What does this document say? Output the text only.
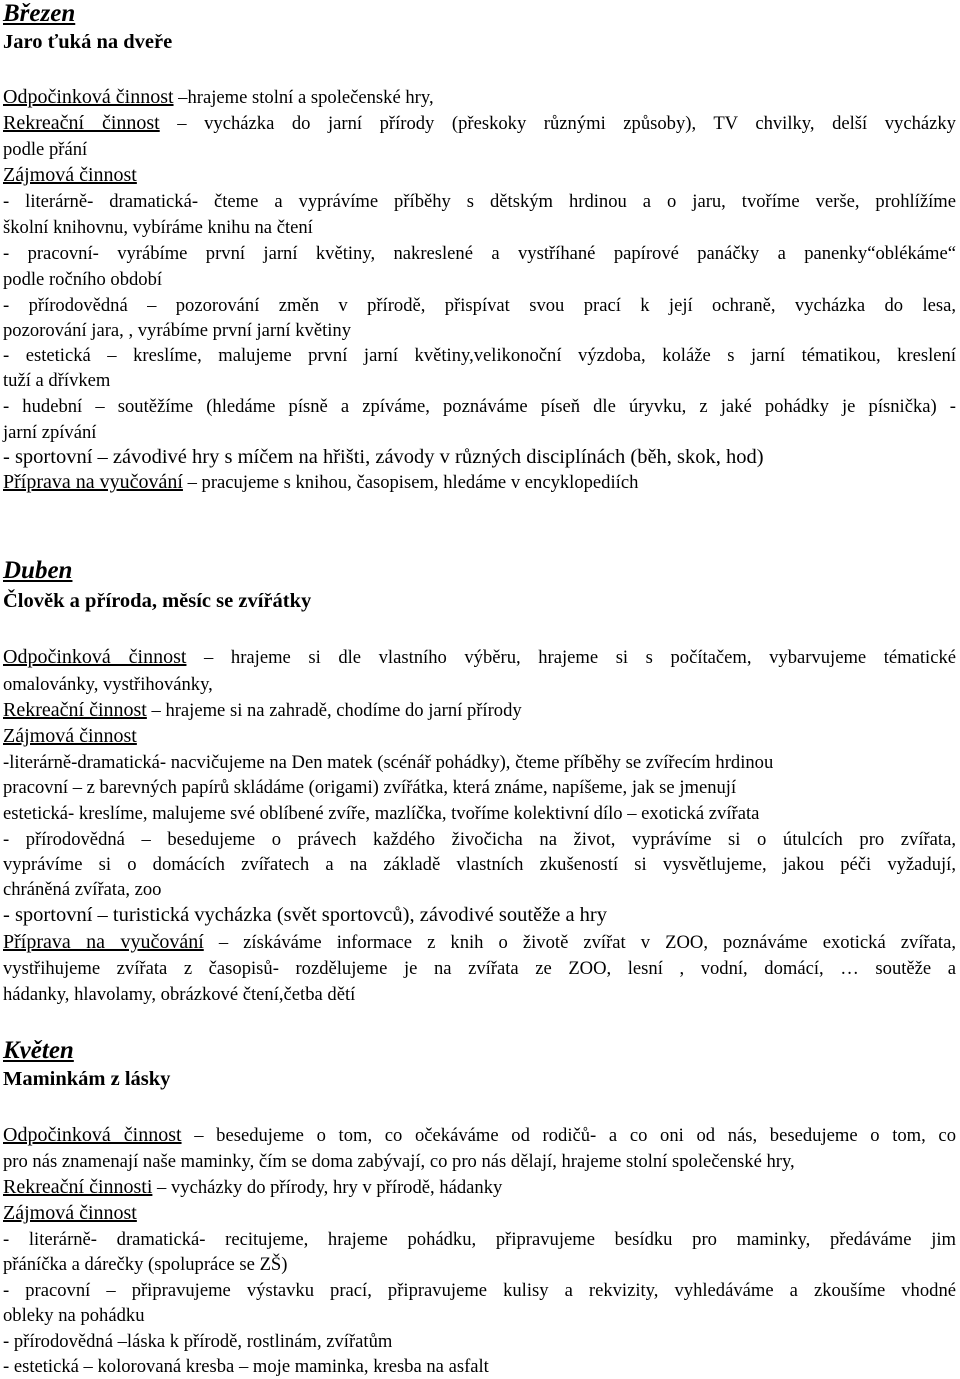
Březen
Jaro ťuká na dveře
Odpočinková činnost –hrajeme stolní a společenské hry,
Rekreační činnost – vycházka do jarní přírody (přeskoky různými způsoby), TV chvilky, delší vycházky
podle přání
Zájmová činnost
- literárně- dramatická- čteme a vyprávíme příběhy s dětským hrdinou a o jaru, tvoříme verše, prohlížíme
školní knihovnu, vybíráme knihu na čtení
- pracovní- vyrábíme první jarní květiny, nakreslené a vystříhané papírové panáčky a panenky“oblékáme“
podle ročního období
- přírodovědná – pozorování změn v přírodě, přispívat svou prací k její ochraně, vycházka do lesa,
pozorování jara, , vyrábíme první jarní květiny
- estetická – kreslíme, malujeme první jarní květiny,velikonoční výzdoba, koláže s jarní tématikou, kreslení
tuží a dřívkem
- hudební – soutěžíme (hledáme písně a zpíváme, poznáváme píseň dle úryvku, z jaké pohádky je písnička) -
jarní zpívání
- sportovní – závodivé hry s míčem na hřišti, závody v různých disciplínách (běh, skok, hod)
Příprava na vyučování – pracujeme s knihou, časopisem, hledáme v encyklopediích
Duben
Člověk a příroda, měsíc se zvířátky
Odpočinková činnost – hrajeme si dle vlastního výběru, hrajeme si s počítačem, vybarvujeme tématické
omalovánky, vystřihovánky,
Rekreační činnost – hrajeme si na zahradě, chodíme do jarní přírody
Zájmová činnost
-literárně-dramatická- nacvičujeme na Den matek (scénář pohádky), čteme příběhy se zvířecím hrdinou
pracovní – z barevných papírů skládáme (origami) zvířátka, která známe, napíšeme, jak se jmenují
estetická- kreslíme, malujeme své oblíbené zvíře, mazlíčka, tvoříme kolektivní dílo – exotická zvířata
- přírodovědná – besedujeme o právech každého živočicha na život, vyprávíme si o útulcích pro zvířata,
vyprávíme si o domácích zvířatech a na základě vlastních zkušeností si vysvětlujeme, jakou péči vyžadují,
chráněná zvířata, zoo
- sportovní – turistická vycházka (svět sportovců), závodivé soutěže a hry
Příprava na vyučování – získáváme informace z knih o životě zvířat v ZOO, poznáváme exotická zvířata,
vystřihujeme zvířata z časopisů- rozdělujeme je na zvířata ze ZOO, lesní , vodní, domácí, … soutěže a
hádanky, hlavolamy, obrázkové čtení,četba dětí
Květen
Maminkám z lásky
Odpočinková činnost – besedujeme o tom, co očekáváme od rodičů- a co oni od nás, besedujeme o tom, co
pro nás znamenají naše maminky, čím se doma zabývají, co pro nás dělají, hrajeme stolní společenské hry,
Rekreační činnosti – vycházky do přírody, hry v přírodě, hádanky
Zájmová činnost
- literárně- dramatická- recitujeme, hrajeme pohádku, připravujeme besídku pro maminky, předáváme jim
přáníčka a dárečky (spolupráce se ZŠ)
- pracovní – připravujeme výstavku prací, připravujeme kulisy a rekvizity, vyhledáváme a zkoušíme vhodné
obleky na pohádku
- přírodovědná –láska k přírodě, rostlinám, zvířatům
- estetická – kolorovaná kresba – moje maminka, kresba na asfalt
